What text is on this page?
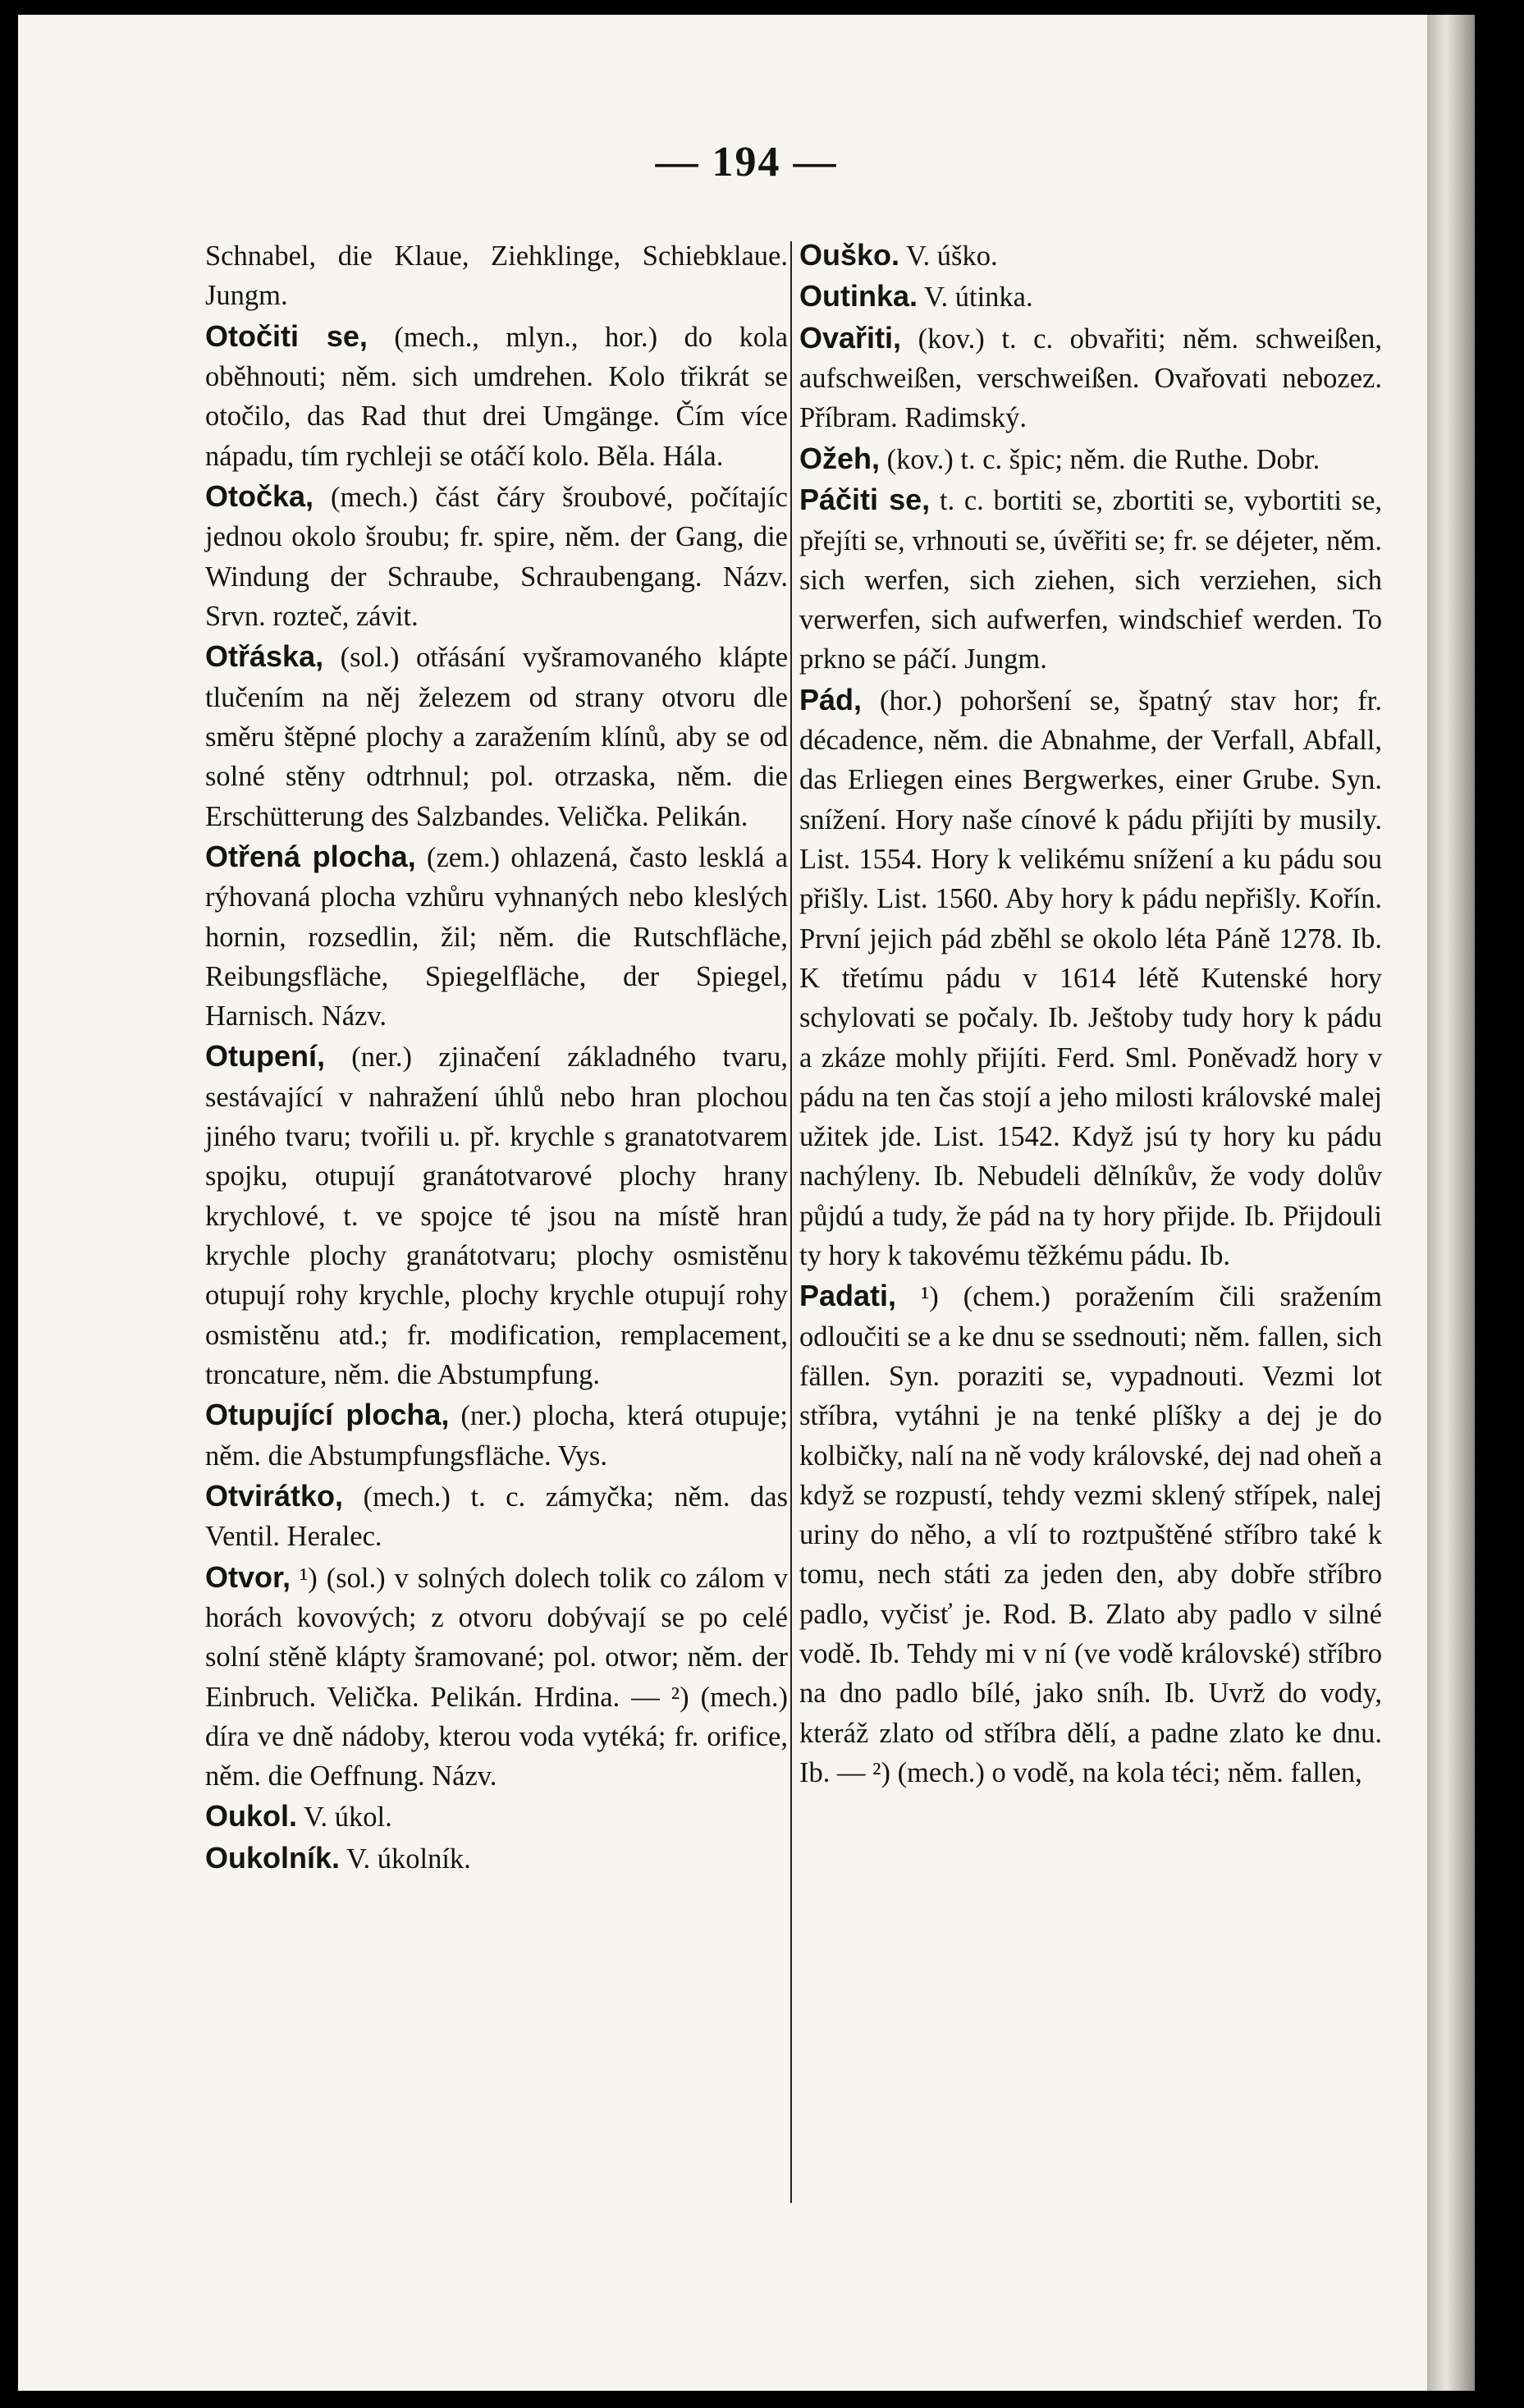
— 194 —
Schnabel, die Klaue, Ziehklinge, Schiebklaue. Jungm.
Otočiti se, (mech., mlyn., hor.) do kola oběhnouti; něm. sich umdrehen. Kolo třikrát se otočilo, das Rad thut drei Umgänge. Čím více nápadu, tím rychleji se otáčí kolo. Běla. Hála.
Otočka, (mech.) část čáry šroubové, počítajíc jednou okolo šroubu; fr. spire, něm. der Gang, die Windung der Schraube, Schraubengang. Názv. Srvn. rozteč, závit.
Otřáska, (sol.) otřásání vyšramovaného klápte tlučením na něj železem od strany otvoru dle směru štěpné plochy a zaražením klínů, aby se od solné stěny odtrhnul; pol. otrzaska, něm. die Erschütterung des Salzbandes. Velička. Pelikán.
Otřená plocha, (zem.) ohlazená, často lesklá a rýhovaná plocha vzhůru vyhnaných nebo kleslých hornin, rozsedlin, žil; něm. die Rutschfläche, Reibungsfläche, Spiegelfläche, der Spiegel, Harnisch. Názv.
Otupení, (ner.) zjinačení základného tvaru, sestávající v nahražení úhlů nebo hran plochou jiného tvaru; tvořili u. př. krychle s granatotvarem spojku, otupují granátotvarové plochy hrany krychlové, t. ve spojce té jsou na místě hran krychle plochy granátotvaru; plochy osmistěnu otupují rohy krychle, plochy krychle otupují rohy osmistěnu atd.; fr. modification, remplacement, troncature, něm. die Abstumpfung.
Otupující plocha, (ner.) plocha, která otupuje; něm. die Abstumpfungsfläche. Vys.
Otvirátko, (mech.) t. c. zámyčka; něm. das Ventil. Heralec.
Otvor, ¹) (sol.) v solných dolech tolik co zálom v horách kovových; z otvoru dobývají se po celé solní stěně klápty šramované; pol. otwor; něm. der Einbruch. Velička. Pelikán. Hrdina. — ²) (mech.) díra ve dně nádoby, kterou voda vytéká; fr. orifice, něm. die Oeffnung. Názv.
Oukol. V. úkol.
Oukolník. V. úkolník.
Oušk​o. V. úško.
Outinka. V. útinka.
Ovařiti, (kov.) t. c. obvařiti; něm. schweißen, aufschweißen, verschweißen. Ovařovati nebozez. Příbram. Radimský.
Ožeh, (kov.) t. c. špic; něm. die Ruthe. Dobr.
Páčiti se, t. c. bortiti se, zbortiti se, vybortiti se, přejíti se, vrhnouti se, úvěřiti se; fr. se déjeter, něm. sich werfen, sich ziehen, sich verziehen, sich verwerfen, sich aufwerfen, windschief werden. To prkno se páčí. Jungm.
Pád, (hor.) pohoršení se, špatný stav hor; fr. décadence, něm. die Abnahme, der Verfall, Abfall, das Erliegen eines Bergwerkes, einer Grube. Syn. snížení. Hory naše cínové k pádu přijíti by musily. List. 1554. Hory k velikému snížení a ku pádu sou přišly. List. 1560. Aby hory k pádu nepřišly. Kořín. První jejich pád zběhl se okolo léta Páně 1278. Ib. K třetímu pádu v 1614 létě Kutenské hory schylovati se počaly. Ib. Ještoby tudy hory k pádu a zkáze mohly přijíti. Ferd. Sml. Poněvadž hory v pádu na ten čas stojí a jeho milosti královské malej užitek jde. List. 1542. Když jsú ty hory ku pádu nachýleny. Ib. Nebudeli dělníkův, že vody dolův půjdú a tudy, že pád na ty hory přijde. Ib. Přijdouli ty hory k takovému těžkému pádu. Ib.
Padati, ¹) (chem.) poražením čili sražením odloučiti se a ke dnu se ssednouti; něm. fallen, sich fällen. Syn. poraziti se, vypadnouti. Vezmi lot stříbra, vytáhni je na tenké plíšky a dej je do kolbičky, nalí na ně vody královské, dej nad oheň a když se rozpustí, tehdy vezmi sklený střípek, nalej uriny do něho, a vlí to roztpuštěné stříbro také k tomu, nech státi za jeden den, aby dobře stříbro padlo, vyčisť je. Rod. B. Zlato aby padlo v silné vodě. Ib. Tehdy mi v ní (ve vodě královské) stříbro na dno padlo bílé, jako sníh. Ib. Uvrž do vody, kteráž zlato od stříbra dělí, a padne zlato ke dnu. Ib. — ²) (mech.) o vodě, na kola téci; něm. fallen,
